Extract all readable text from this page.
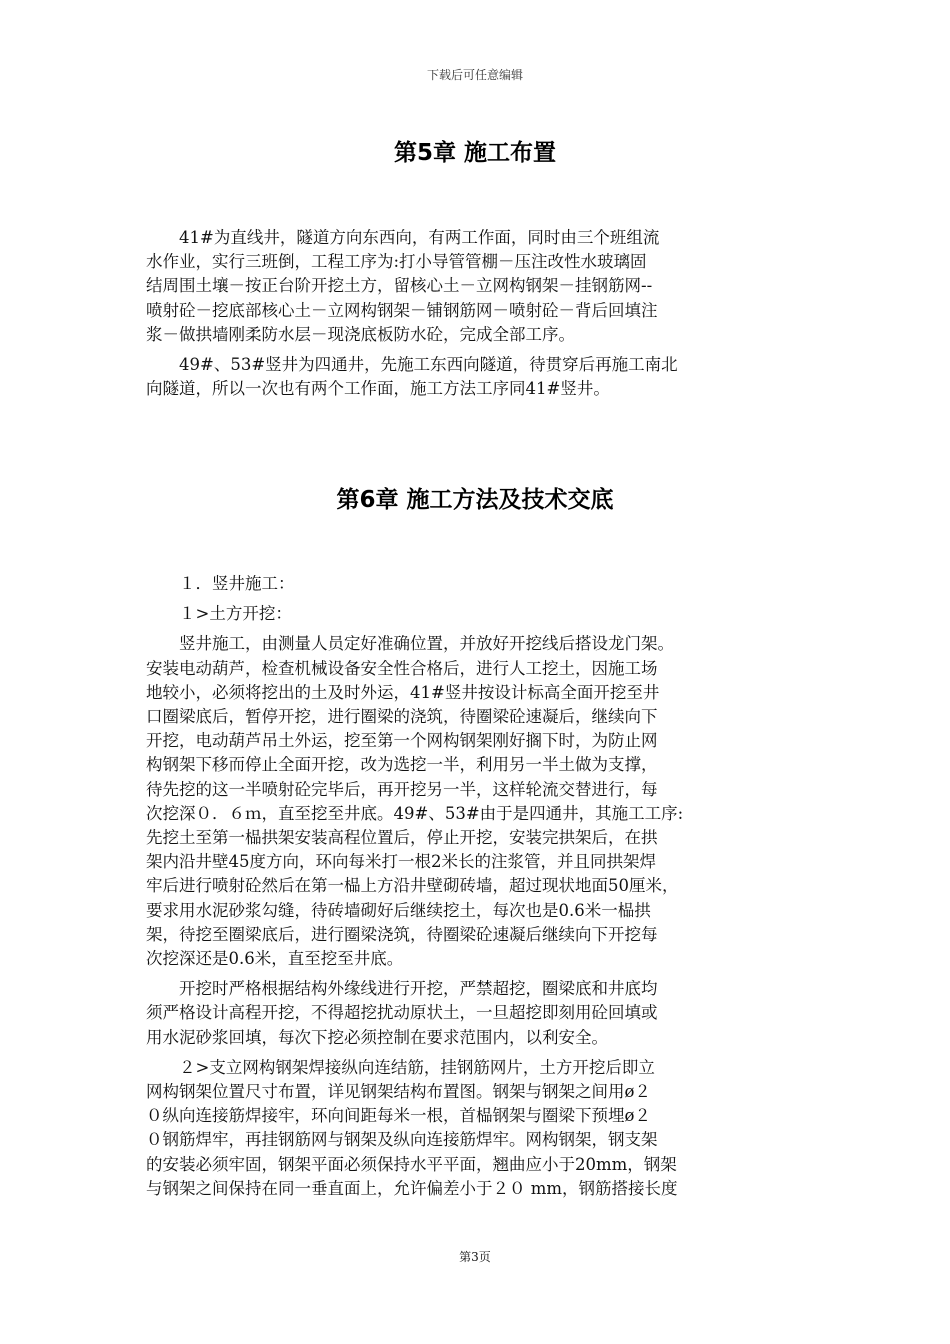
下载后可任意编辑
第5章 施工布置

　　41#为直线井，隧道方向东西向，有两工作面，同时由三个班组流

水作业，实行三班倒，工程工序为:打小导管管棚－压注改性水玻璃固

结周围土壤－按正台阶开挖土方，留核心土－立网构钢架－挂钢筋网--

喷射砼－挖底部核心土－立网构钢架－铺钢筋网－喷射砼－背后回填注

浆－做拱墙刚柔防水层－现浇底板防水砼，完成全部工序。

　　49#、53#竖井为四通井，先施工东西向隧道，待贯穿后再施工南北

向隧道，所以一次也有两个工作面，施工方法工序同41#竖井。

第6章 施工方法及技术交底

　　１．竖井施工：

　　１>土方开挖：

　　竖井施工，由测量人员定好准确位置，并放好开挖线后搭设龙门架。

安装电动葫芦，检查机械设备安全性合格后，进行人工挖土，因施工场

地较小，必须将挖出的土及时外运，41#竖井按设计标高全面开挖至井

口圈梁底后，暂停开挖，进行圈梁的浇筑，待圈梁砼速凝后，继续向下

开挖，电动葫芦吊土外运，挖至第一个网构钢架刚好搁下时，为防止网

构钢架下移而停止全面开挖，改为选挖一半，利用另一半土做为支撑，

待先挖的这一半喷射砼完毕后，再开挖另一半，这样轮流交替进行，每

次挖深０．６ｍ，直至挖至井底。49#、53#由于是四通井，其施工工序:

先挖土至第一榀拱架安装高程位置后，停止开挖，安装完拱架后，在拱

架内沿井壁45度方向，环向每米打一根2米长的注浆管，并且同拱架焊

牢后进行喷射砼然后在第一榀上方沿井壁砌砖墙，超过现状地面50厘米，

要求用水泥砂浆勾缝，待砖墙砌好后继续挖土，每次也是0.6米一榀拱

架，待挖至圈梁底后，进行圈梁浇筑，待圈梁砼速凝后继续向下开挖每

次挖深还是0.6米，直至挖至井底。

　　开挖时严格根据结构外缘线进行开挖，严禁超挖，圈梁底和井底均

须严格设计高程开挖，不得超挖扰动原状土，一旦超挖即刻用砼回填或

用水泥砂浆回填，每次下挖必须控制在要求范围内，以利安全。

　　２>支立网构钢架焊接纵向连结筋，挂钢筋网片，土方开挖后即立

网构钢架位置尺寸布置，详见钢架结构布置图。钢架与钢架之间用ø２

０纵向连接筋焊接牢，环向间距每米一根，首榀钢架与圈梁下预埋ø２

０钢筋焊牢，再挂钢筋网与钢架及纵向连接筋焊牢。网构钢架，钢支架

的安装必须牢固，钢架平面必须保持水平平面，翘曲应小于20mm，钢架

与钢架之间保持在同一垂直面上，允许偏差小于２０ mm，钢筋搭接长度

第3页
